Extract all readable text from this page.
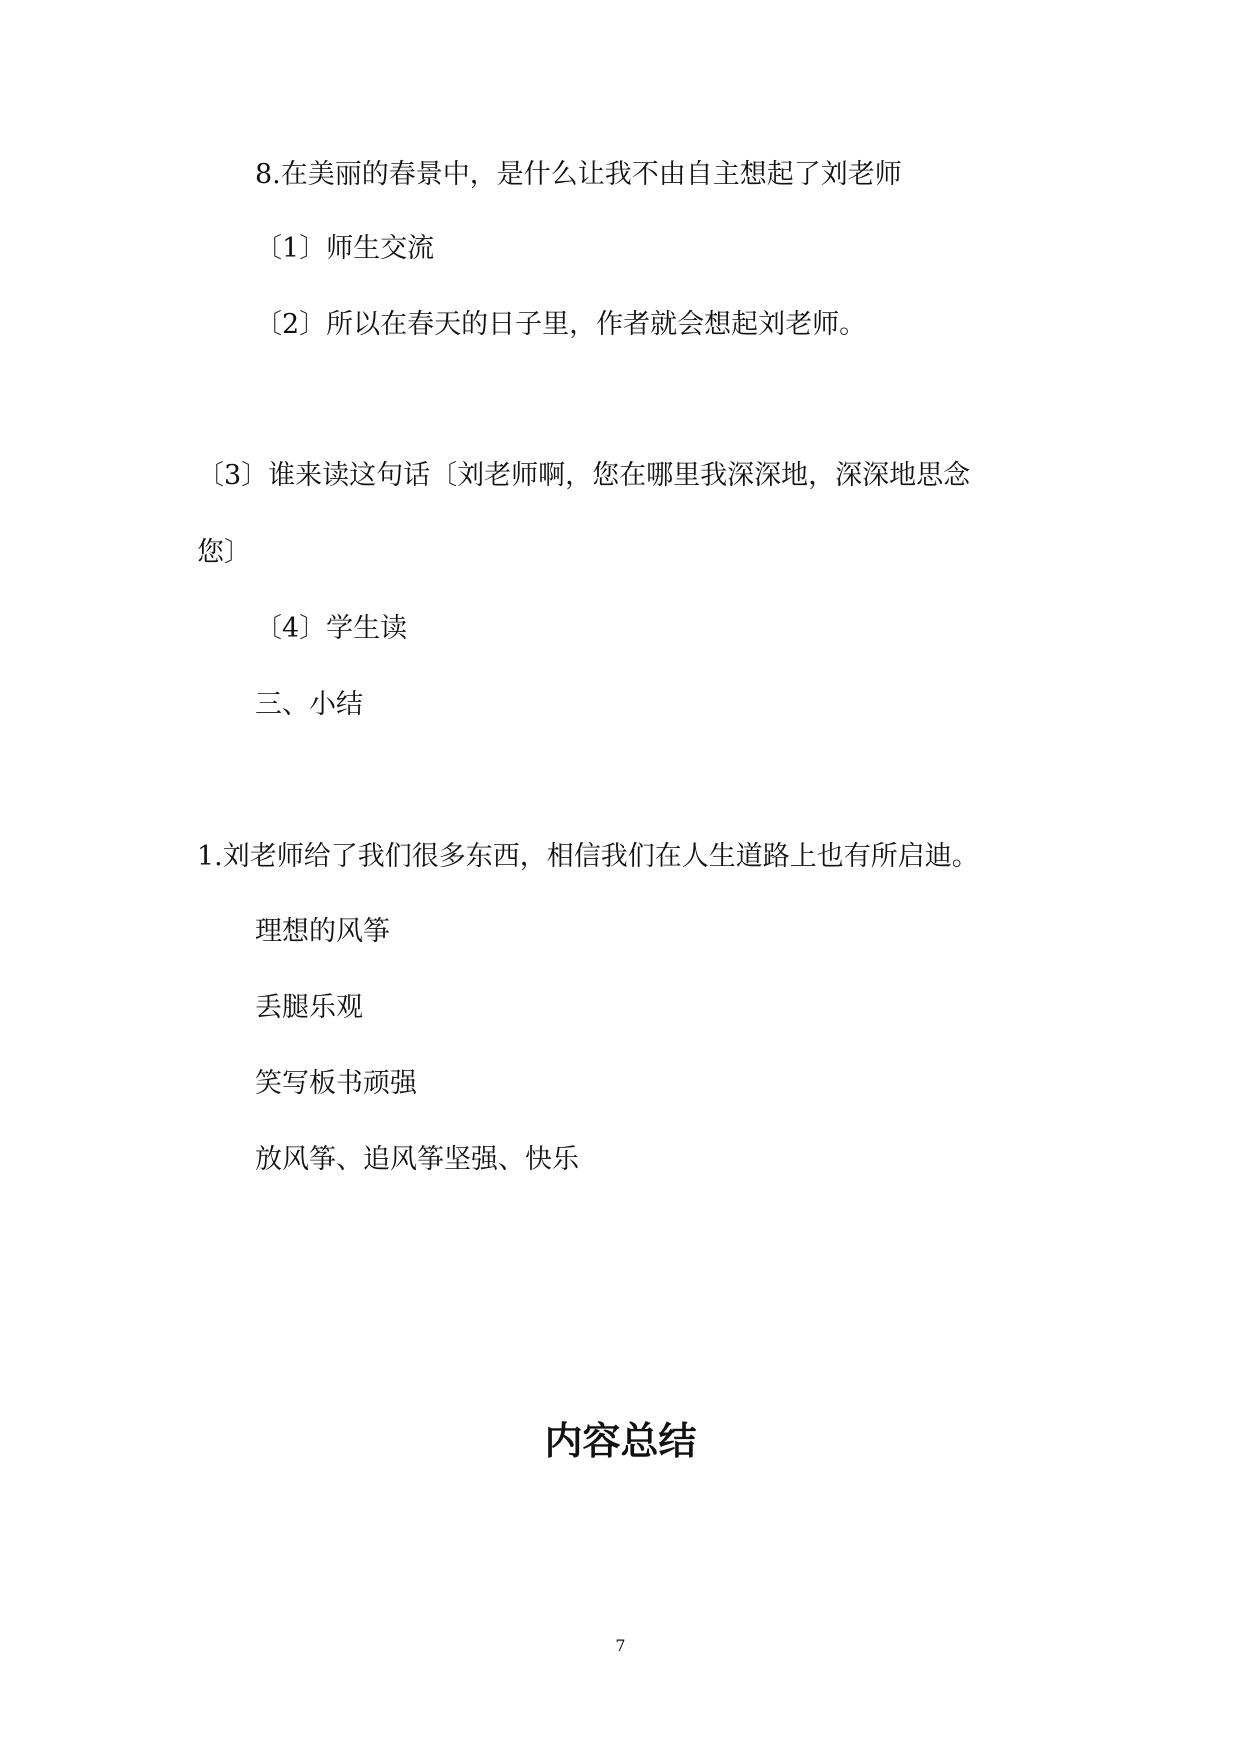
8.在美丽的春景中，是什么让我不由自主想起了刘老师
〔1〕师生交流
〔2〕所以在春天的日子里，作者就会想起刘老师。
〔3〕谁来读这句话〔刘老师啊，您在哪里我深深地，深深地思念
您〕
〔4〕学生读
三、小结
1.刘老师给了我们很多东西，相信我们在人生道路上也有所启迪。
理想的风筝
丢腿乐观
笑写板书顽强
放风筝、追风筝坚强、快乐
内容总结
7
